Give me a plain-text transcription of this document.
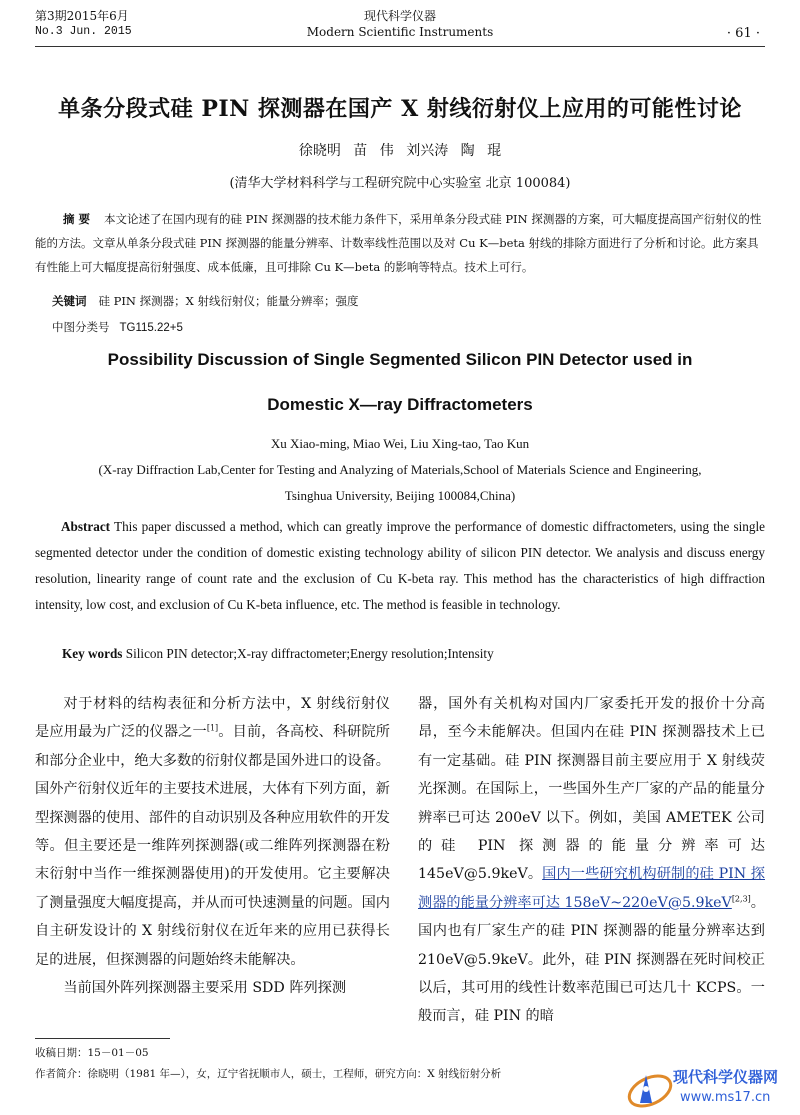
第3期2015年6月
No.3 Jun. 2015
现代科学仪器
Modern Scientific Instruments	· 61 ·
单条分段式硅 PIN 探测器在国产 X 射线衍射仪上应用的可能性讨论
徐晓明 苗 伟 刘兴涛 陶 琨
(清华大学材料科学与工程研究院中心实验室 北京 100084)
摘 要 本文论述了在国内现有的硅 PIN 探测器的技术能力条件下，采用单条分段式硅 PIN 探测器的方案，可大幅度提高国产衍射仪的性能的方法。文章从单条分段式硅 PIN 探测器的能量分辨率、计数率线性范围以及对 Cu K—beta 射线的排除方面进行了分析和讨论。此方案具有性能上可大幅度提高衍射强度、成本低廉，且可排除 Cu K—beta 的影响等特点。技术上可行。
关键词 硅 PIN 探测器；X 射线衍射仪；能量分辨率；强度
中图分类号 TG115.22+5
Possibility Discussion of Single Segmented Silicon PIN Detector used in
Domestic X—ray Diffractometers
Xu Xiao-ming, Miao Wei, Liu Xing-tao, Tao Kun
(X-ray Diffraction Lab,Center for Testing and Analyzing of Materials,School of Materials Science and Engineering,
Tsinghua University, Beijing 100084,China)
Abstract This paper discussed a method, which can greatly improve the performance of domestic diffractometers, using the single segmented detector under the condition of domestic existing technology ability of silicon PIN detector. We analysis and discuss energy resolution, linearity range of count rate and the exclusion of Cu K-beta ray. This method has the characteristics of high diffraction intensity, low cost, and exclusion of Cu K-beta influence, etc. The method is feasible in technology.
Key words Silicon PIN detector;X-ray diffractometer;Energy resolution;Intensity
对于材料的结构表征和分析方法中，X 射线衍射仪是应用最为广泛的仪器之一[1]。目前，各高校、科研院所和部分企业中，绝大多数的衍射仪都是国外进口的设备。国外产衍射仪近年的主要技术进展，大体有下列方面，新型探测器的使用、部件的自动识别及各种应用软件的开发等。但主要还是一维阵列探测器(或二维阵列探测器在粉末衍射中当作一维探测器使用)的开发使用。它主要解决了测量强度大幅度提高，并从而可快速测量的问题。国内自主研发设计的 X 射线衍射仪在近年来的应用已获得长足的进展，但探测器的问题始终未能解决。
当前国外阵列探测器主要采用 SDD 阵列探测
器，国外有关机构对国内厂家委托开发的报价十分高昂，至今未能解决。但国内在硅 PIN 探测器技术上已有一定基础。硅 PIN 探测器目前主要应用于 X 射线荧光探测。在国际上，一些国外生产厂家的产品的能量分辨率已可达 200eV 以下。例如，美国 AMETEK 公司的硅 PIN 探测器的能量分辨率可达 145eV@5.9keV。国内一些研究机构研制的硅 PIN 探测器的能量分辨率可达 158eV~220eV@5.9keV[2,3]。国内也有厂家生产的硅 PIN 探测器的能量分辨率达到 210eV@5.9keV。此外，硅 PIN 探测器在死时间校正以后，其可用的线性计数率范围已可达几十 KCPS。一般而言，硅 PIN 的暗
收稿日期：15－01－05
作者简介：徐晓明（1981 年—），女，辽宁省抚顺市人，硕士，工程师，研究方向：X 射线衍射分析	现代科学仪器网
www.ms17.cn
